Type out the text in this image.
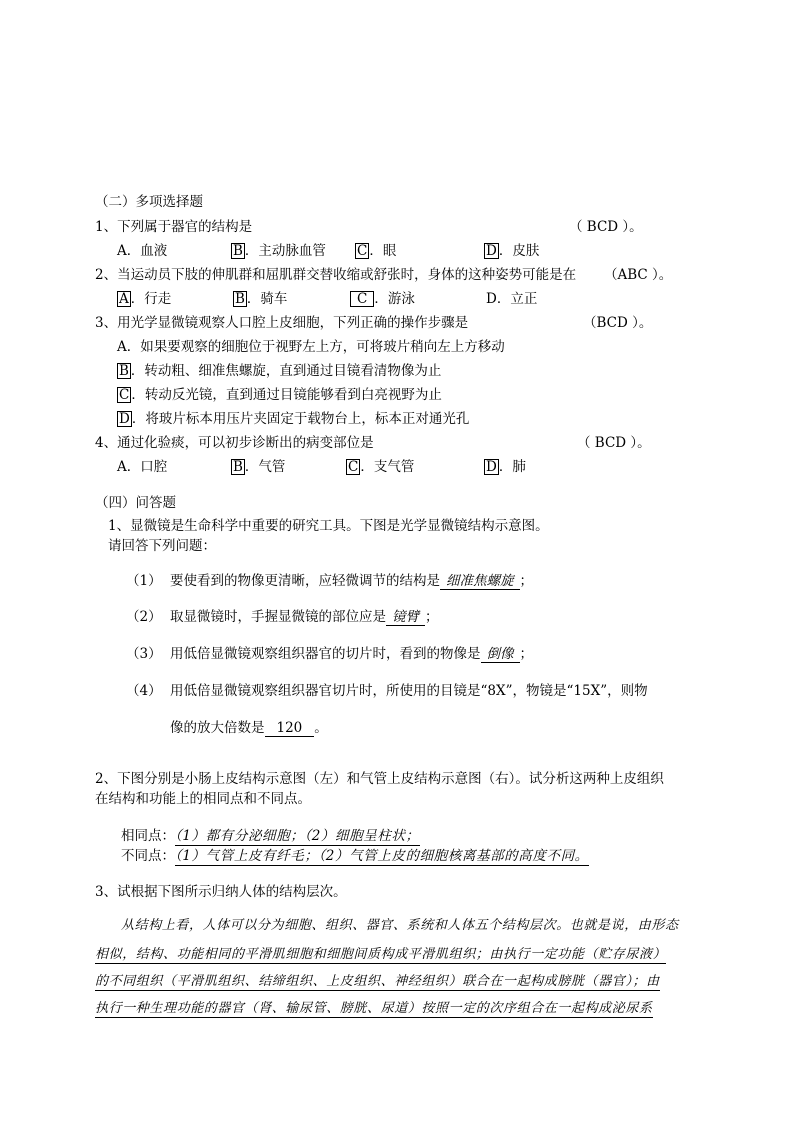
（二）多项选择题
1、下列属于器官的结构是	（ BCD ）。
A．血液	B ．主动脉血管 C ．眼	D ．皮肤
2、当运动员下肢的伸肌群和屈肌群交替收缩或舒张时，身体的这种姿势可能是在 （ABC ）。
A ．行走	B ．骑车	C ．游泳	D．立正
3、用光学显微镜观察人口腔上皮细胞，下列正确的操作步骤是	（BCD ）。
A．如果要观察的细胞位于视野左上方，可将玻片稍向左上方移动
B ．转动粗、细准焦螺旋，直到通过目镜看清物像为止
C ．转动反光镜，直到通过目镜能够看到白亮视野为止
D ．将玻片标本用压片夹固定于载物台上，标本正对通光孔
4、通过化验痰，可以初步诊断出的病变部位是	（ BCD ）。
A．口腔	B ．气管	C ．支气管	D ．肺
（四）问答题
1、显微镜是生命科学中重要的研究工具。下图是光学显微镜结构示意图。
请回答下列问题：
（1） 要使看到的物像更清晰，应轻微调节的结构是 细准焦螺旋 ；
（2） 取显微镜时，手握显微镜的部位应是 镜臂 ；
（3） 用低倍显微镜观察组织器官的切片时，看到的物像是 倒像 ；
（4） 用低倍显微镜观察组织器官切片时，所使用的目镜是“8X”，物镜是“15X”，则物
像的放大倍数是 120 。
2、下图分别是小肠上皮结构示意图（左）和气管上皮结构示意图（右）。试分析这两种上皮组织
在结构和功能上的相同点和不同点。
相同点：（1）都有分泌细胞；（2）细胞呈柱状；
不同点：（1）气管上皮有纤毛；（2）气管上皮的细胞核离基部的高度不同。
3、试根据下图所示归纳人体的结构层次。
从结构上看，人体可以分为细胞、组织、器官、系统和人体五个结构层次。也就是说，由形态
相似，结构、功能相同的平滑肌细胞和细胞间质构成平滑肌组织；由执行一定功能（贮存尿液）
的不同组织（平滑肌组织、结缔组织、上皮组织、神经组织）联合在一起构成膀胱（器官）；由
执行一种生理功能的器官（肾、输尿管、膀胱、尿道）按照一定的次序组合在一起构成泌尿系
